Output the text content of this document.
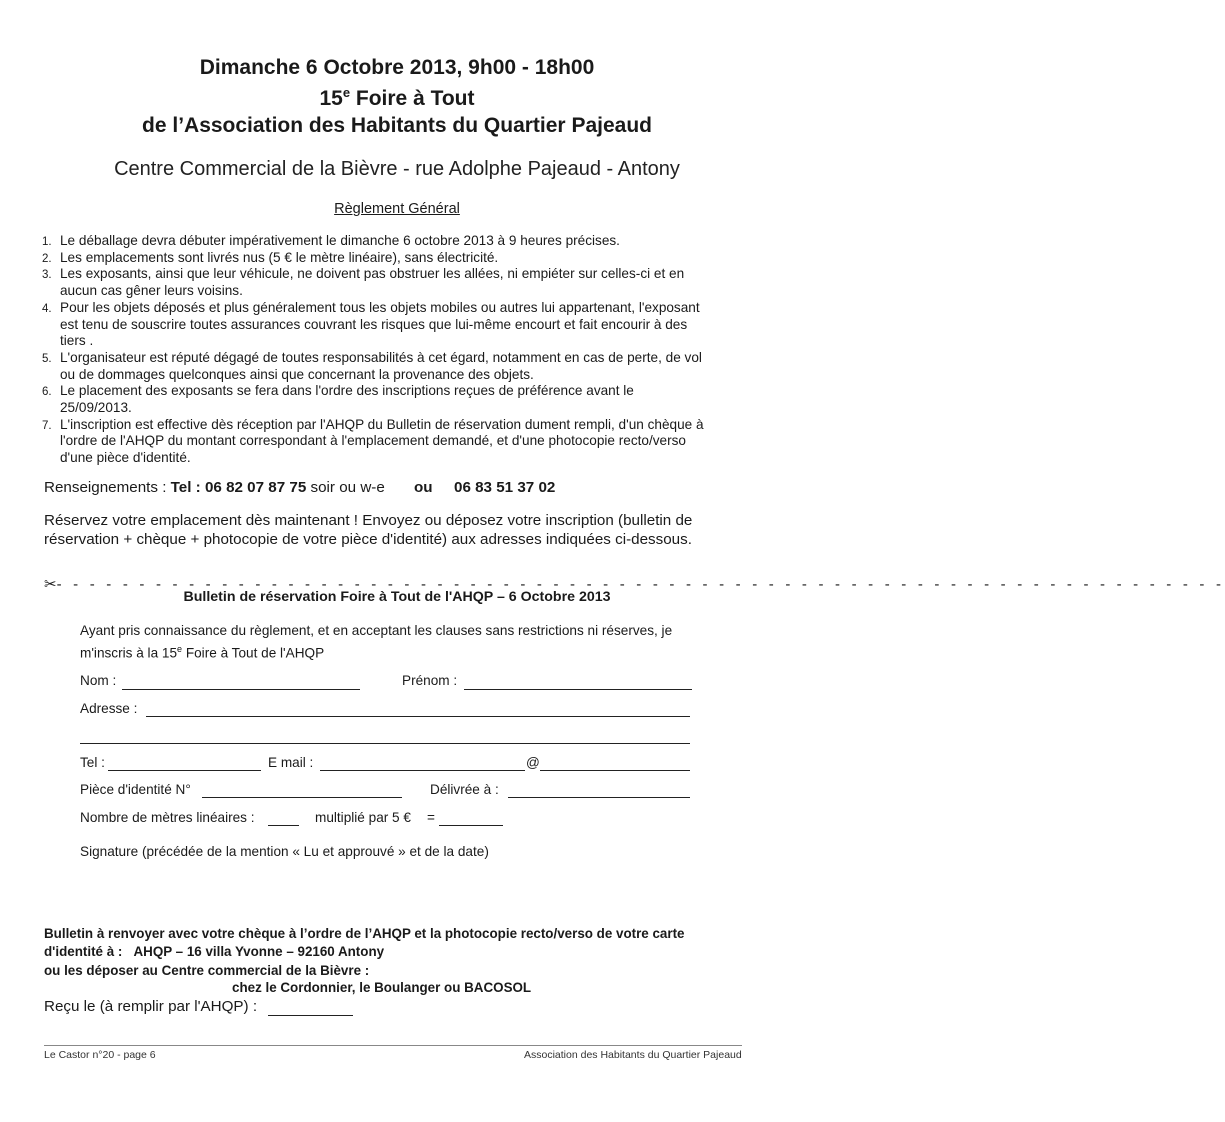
Dimanche 6 Octobre 2013, 9h00 - 18h00
15e Foire à Tout
de l’Association des Habitants du Quartier Pajeaud
Centre Commercial de la Bièvre - rue Adolphe Pajeaud - Antony
Règlement Général
1. Le déballage devra débuter impérativement le dimanche 6 octobre 2013 à 9 heures précises.
2. Les emplacements sont livrés nus (5 € le mètre linéaire), sans électricité.
3. Les exposants, ainsi que leur véhicule, ne doivent pas obstruer les allées, ni empiéter sur celles-ci et en
aucun cas gêner leurs voisins.
4. Pour les objets déposés et plus généralement tous les objets mobiles ou autres lui appartenant, l'exposant
est tenu de souscrire toutes assurances couvrant les risques que lui-même encourt et fait encourir à des
tiers .
5. L'organisateur est réputé dégagé de toutes responsabilités à cet égard, notamment en cas de perte, de vol
ou de dommages quelconques ainsi que concernant la provenance des objets.
6. Le placement des exposants se fera dans l'ordre des inscriptions reçues de préférence avant le
25/09/2013.
7. L'inscription est effective dès réception par l'AHQP du Bulletin de réservation dument rempli, d'un chèque à
l'ordre de l'AHQP du montant correspondant à l'emplacement demandé, et d'une photocopie recto/verso
d'une pièce d'identité.
Renseignements : Tel : 06 82 07 87 75 soir ou w-e ou 06 83 51 37 02
Réservez votre emplacement dès maintenant ! Envoyez ou déposez votre inscription (bulletin de
réservation + chèque + photocopie de votre pièce d'identité) aux adresses indiquées ci-dessous.
✂- - - - - - - - - - - - - - - - - - - - - - - - - - - - - - - - - - - - - - - - - - - - - - - - - - - - - - - - - - - - - - - - - - - - - - -
Bulletin de réservation Foire à Tout de l'AHQP – 6 Octobre 2013
Ayant pris connaissance du règlement, et en acceptant les clauses sans restrictions ni réserves, je
m'inscris à la 15e Foire à Tout de l'AHQP
Nom :	Prénom :
Adresse :
Tel :	E mail :	@
Pièce d'identité N°	Délivrée à :
Nombre de mètres linéaires :	multiplié par 5 € =
Signature (précédée de la mention « Lu et approuvé » et de la date)
Bulletin à renvoyer avec votre chèque à l’ordre de l’AHQP et la photocopie recto/verso de votre carte
d'identité à : AHQP – 16 villa Yvonne – 92160 Antony
ou les déposer au Centre commercial de la Bièvre :
chez le Cordonnier, le Boulanger ou BACOSOL
Reçu le (à remplir par l'AHQP) :
Le Castor n°20 - page 6	Association des Habitants du Quartier Pajeaud
